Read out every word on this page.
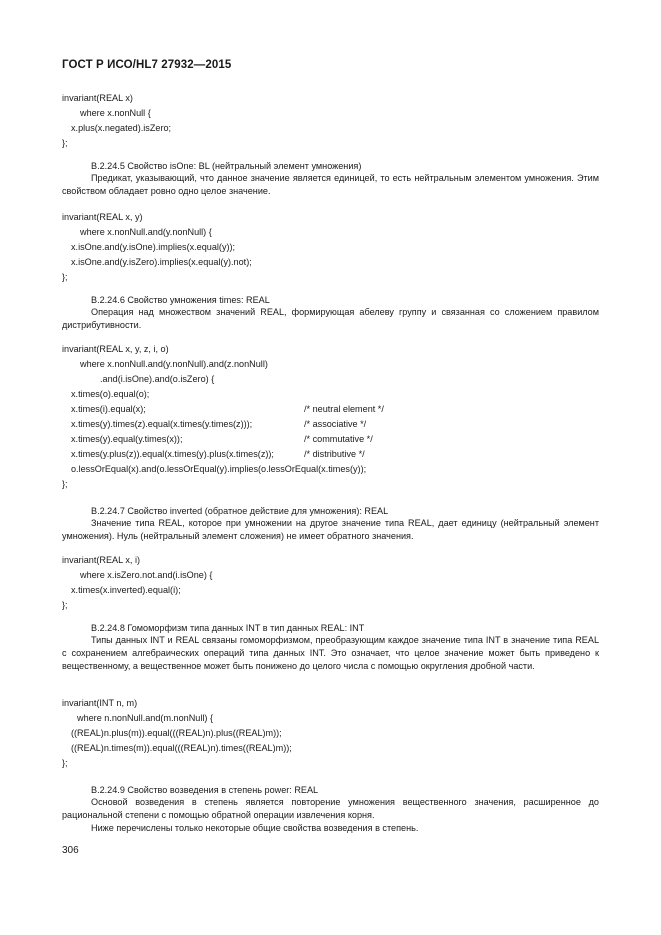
ГОСТ Р ИСО/HL7 27932—2015
invariant(REAL x)
where x.nonNull {
x.plus(x.negated).isZero;
};
B.2.24.5 Свойство isOne: BL (нейтральный элемент умножения)
Предикат, указывающий, что данное значение является единицей, то есть нейтральным элементом умножения. Этим свойством обладает ровно одно целое значение.
invariant(REAL x, y)
where x.nonNull.and(y.nonNull) {
x.isOne.and(y.isOne).implies(x.equal(y));
x.isOne.and(y.isZero).implies(x.equal(y).not);
};
B.2.24.6 Свойство умножения times: REAL
Операция над множеством значений REAL, формирующая абелеву группу и связанная со сложением правилом дистрибутивности.
invariant(REAL x, y, z, i, o)
where x.nonNull.and(y.nonNull).and(z.nonNull)
.and(i.isOne).and(o.isZero) {
x.times(o).equal(o);
x.times(i).equal(x);	/* neutral element */
x.times(y).times(z).equal(x.times(y.times(z)));	/* associative */
x.times(y).equal(y.times(x));	/* commutative */
x.times(y.plus(z)).equal(x.times(y).plus(x.times(z));	/* distributive */
o.lessOrEqual(x).and(o.lessOrEqual(y).implies(o.lessOrEqual(x.times(y));
};
B.2.24.7 Свойство inverted (обратное действие для умножения): REAL
Значение типа REAL, которое при умножении на другое значение типа REAL, дает единицу (нейтральный элемент умножения). Нуль (нейтральный элемент сложения) не имеет обратного значения.
invariant(REAL x, i)
where x.isZero.not.and(i.isOne) {
x.times(x.inverted).equal(i);
};
B.2.24.8 Гомоморфизм типа данных INT в тип данных REAL: INT
Типы данных INT и REAL связаны гомоморфизмом, преобразующим каждое значение типа INT в значение типа REAL с сохранением алгебраических операций типа данных INT. Это означает, что целое значение может быть приведено к вещественному, а вещественное может быть понижено до целого числа с помощью округления дробной части.
invariant(INT n, m)
where n.nonNull.and(m.nonNull) {
((REAL)n.plus(m)).equal(((REAL)n).plus((REAL)m));
((REAL)n.times(m)).equal(((REAL)n).times((REAL)m));
};
B.2.24.9 Свойство возведения в степень power: REAL
Основой возведения в степень является повторение умножения вещественного значения, расширенное до рациональной степени с помощью обратной операции извлечения корня.
Ниже перечислены только некоторые общие свойства возведения в степень.
306
